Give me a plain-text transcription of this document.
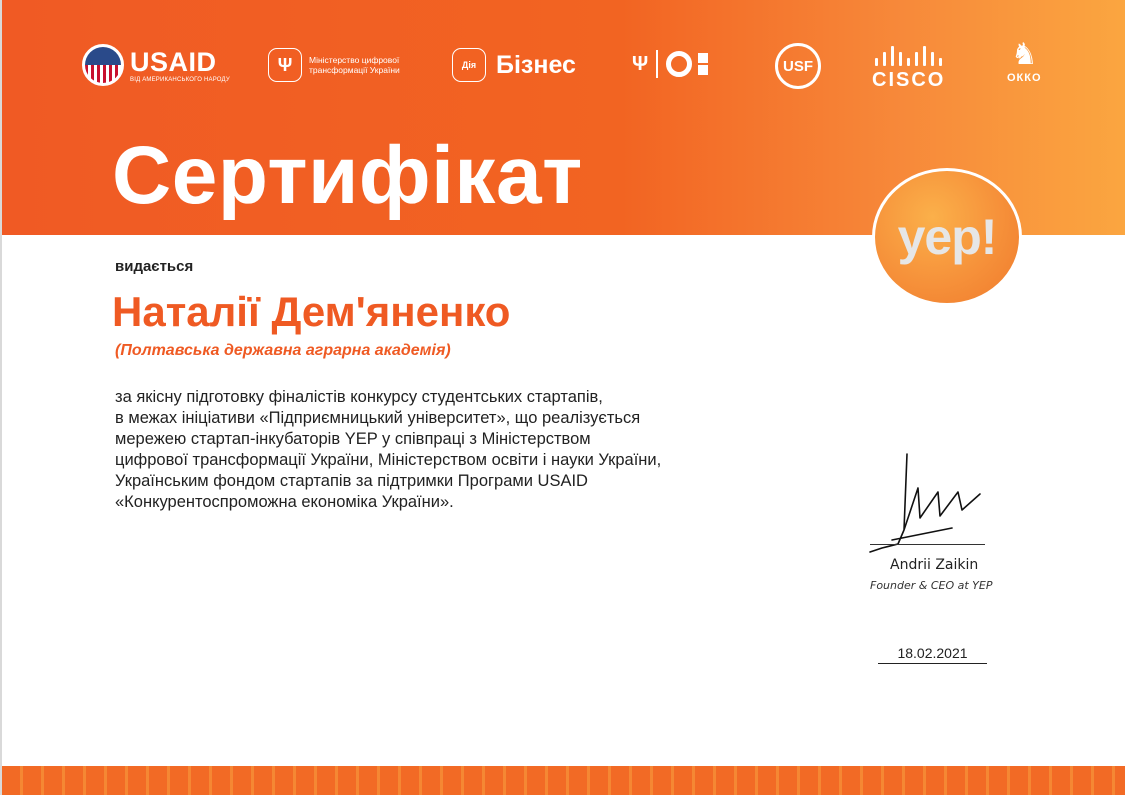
USAID
ВІД АМЕРИКАНСЬКОГО НАРОДУ
Ψ	Міністерство цифрової трансформації України	Дія Бізнес	Ψ	USF
CISCO
♞
ОККО
Сертифікат
yep!
видається
Наталії Дем'яненко
(Полтавська державна аграрна академія)
за якісну підготовку фіналістів конкурсу студентських стартапів,
в межах ініціативи «Підприємницький університет», що реалізується
мережею стартап-інкубаторів YEP у співпраці з Міністерством
цифрової трансформації України, Міністерством освіти і науки України,
Українським фондом стартапів за підтримки Програми USAID
«Конкурентоспроможна економіка України».
Andrii Zaikin
Founder & CEO at YEP
18.02.2021
